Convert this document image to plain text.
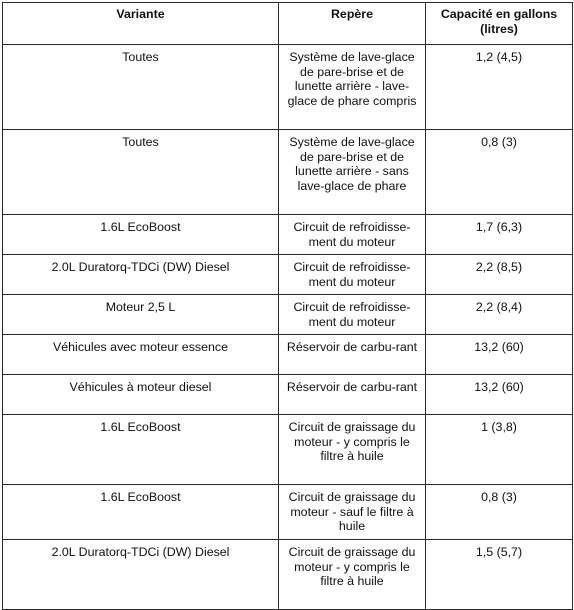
Variante	Repère	Capacité en gallons (litres)
Toutes	Système de lave-glace de pare-brise et de lunette arrière - lave-glace de phare compris	1,2 (4,5)
Toutes	Système de lave-glace de pare-brise et de lunette arrière - sans lave-glace de phare	0,8 (3)
1.6L EcoBoost	Circuit de refroidisse-ment du moteur	1,7 (6,3)
2.0L Duratorq-TDCi (DW) Diesel	Circuit de refroidisse-ment du moteur	2,2 (8,5)
Moteur 2,5 L	Circuit de refroidisse-ment du moteur	2,2 (8,4)
Véhicules avec moteur essence	Réservoir de carbu-rant	13,2 (60)
Véhicules à moteur diesel	Réservoir de carbu-rant	13,2 (60)
1.6L EcoBoost	Circuit de graissage du moteur - y compris le filtre à huile	1 (3,8)
1.6L EcoBoost	Circuit de graissage du moteur - sauf le filtre à huile	0,8 (3)
2.0L Duratorq-TDCi (DW) Diesel	Circuit de graissage du moteur - y compris le filtre à huile	1,5 (5,7)
